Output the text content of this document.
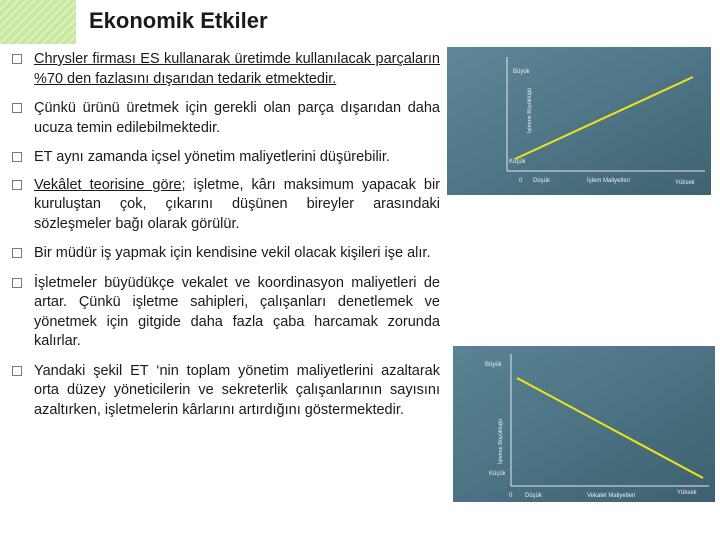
Ekonomik Etkiler
Chrysler firması ES kullanarak üretimde kullanılacak parçaların %70 den fazlasını dışarıdan tedarik etmektedir.
Çünkü ürünü üretmek için gerekli olan parça dışarıdan daha ucuza temin edilebilmektedir.
ET aynı zamanda içsel yönetim maliyetlerini düşürebilir.
Vekâlet teorisine göre; işletme, kârı maksimum yapacak bir kuruluştan çok, çıkarını düşünen bireyler arasındaki sözleşmeler bağı olarak görülür.
Bir müdür iş yapmak için kendisine vekil olacak kişileri işe alır.
İşletmeler büyüdükçe vekalet ve koordinasyon maliyetleri de artar. Çünkü işletme sahipleri, çalışanları denetlemek ve yönetmek için gitgide daha fazla çaba harcamak zorunda kalırlar.
Yandaki şekil ET ‘nin toplam yönetim maliyetlerini azaltarak orta düzey yöneticilerin ve sekreterlik çalışanlarının sayısını azaltırken, işletmelerin kârlarını artırdığını göstermektedir.
Büyük
Küçük
0 Düşük	Yüksek
İşlem Maliyetleri
İşletme Büyüklüğü
Büyük
Küçük
0 Düşük	Yüksek
Vekalet Maliyetleri
İşletme Büyüklüğü
